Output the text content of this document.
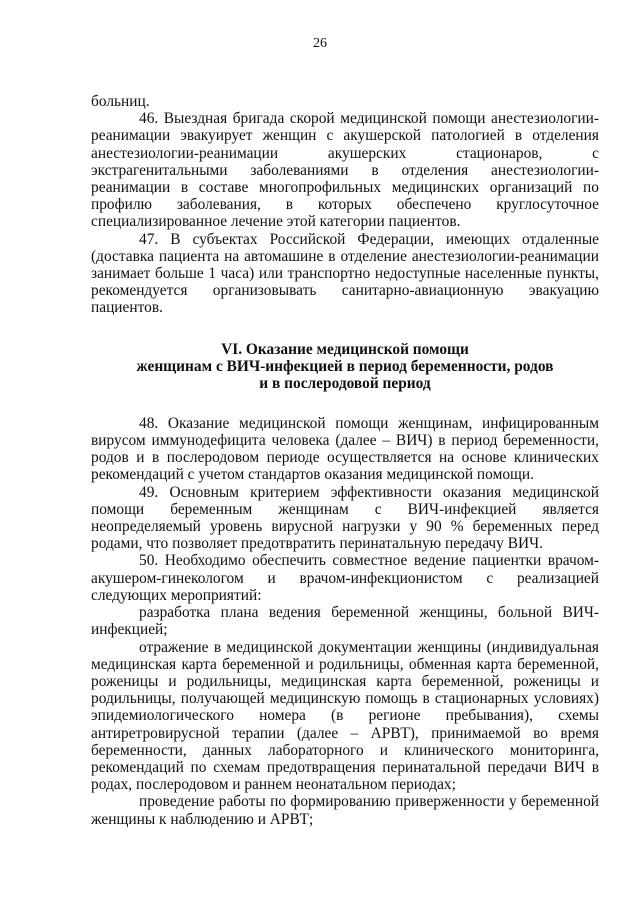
26

больниц.

46. Выездная бригада скорой медицинской помощи анестезиологии-реанимации эвакуирует женщин с акушерской патологией в отделения анестезиологии-реанимации акушерских стационаров, с экстрагенитальными заболеваниями в отделения анестезиологии-реанимации в составе многопрофильных медицинских организаций по профилю заболевания, в которых обеспечено круглосуточное специализированное лечение этой категории пациентов.

47. В субъектах Российской Федерации, имеющих отдаленные (доставка пациента на автомашине в отделение анестезиологии-реанимации занимает больше 1 часа) или транспортно недоступные населенные пункты, рекомендуется организовывать санитарно-авиационную эвакуацию пациентов.

VI. Оказание медицинской помощи
женщинам с ВИЧ-инфекцией в период беременности, родов
и в послеродовой период

48. Оказание медицинской помощи женщинам, инфицированным вирусом иммунодефицита человека (далее – ВИЧ) в период беременности, родов и в послеродовом периоде осуществляется на основе клинических рекомендаций с учетом стандартов оказания медицинской помощи.

49. Основным критерием эффективности оказания медицинской помощи беременным женщинам с ВИЧ-инфекцией является неопределяемый уровень вирусной нагрузки у 90 % беременных перед родами, что позволяет предотвратить перинатальную передачу ВИЧ.

50. Необходимо обеспечить совместное ведение пациентки врачом-акушером-гинекологом и врачом-инфекционистом с реализацией следующих мероприятий:

разработка плана ведения беременной женщины, больной ВИЧ-инфекцией;

отражение в медицинской документации женщины (индивидуальная медицинская карта беременной и родильницы, обменная карта беременной, роженицы и родильницы, медицинская карта беременной, роженицы и родильницы, получающей медицинскую помощь в стационарных условиях) эпидемиологического номера (в регионе пребывания), схемы антиретровирусной терапии (далее – АРВТ), принимаемой во время беременности, данных лабораторного и клинического мониторинга, рекомендаций по схемам предотвращения перинатальной передачи ВИЧ в родах, послеродовом и раннем неонатальном периодах;

проведение работы по формированию приверженности у беременной женщины к наблюдению и АРВТ;
